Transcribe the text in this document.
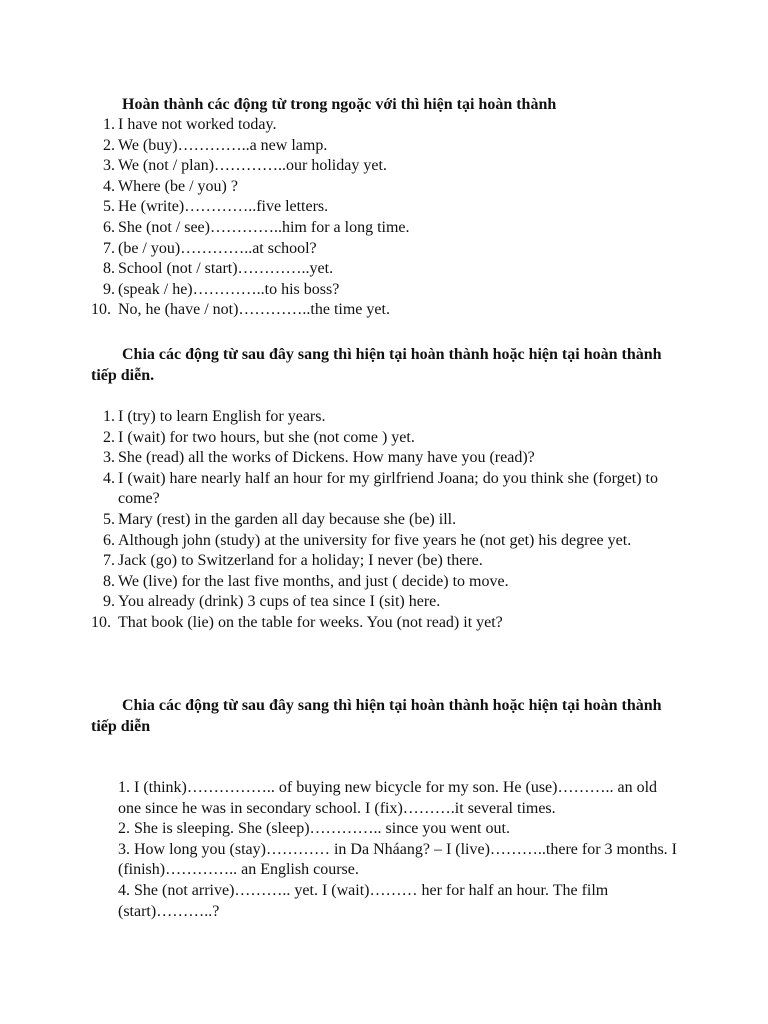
Hoàn thành các động từ trong ngoặc với thì hiện tại hoàn thành
1. I have not worked today.
2. We (buy)…………..a new lamp.
3. We (not / plan)…………..our holiday yet.
4. Where (be / you) ?
5. He (write)…………..five letters.
6. She (not / see)…………..him for a long time.
7. (be / you)…………..at school?
8. School (not / start)…………..yet.
9. (speak / he)…………..to his boss?
10. No, he (have / not)…………..the time yet.
Chia các động từ sau đây sang thì hiện tại hoàn thành hoặc hiện tại hoàn thành tiếp diễn.
1. I (try) to learn English for years.
2. I (wait) for two hours, but she (not come ) yet.
3. She (read) all the works of Dickens. How many have you (read)?
4. I (wait) hare nearly half an hour for my girlfriend Joana; do you think she (forget) to come?
5. Mary (rest) in the garden all day because she (be) ill.
6. Although john (study) at the university for five years he (not get) his degree yet.
7. Jack (go) to Switzerland for a holiday; I never (be) there.
8. We (live) for the last five months, and just ( decide) to move.
9. You already (drink) 3 cups of tea since I (sit) here.
10. That book (lie) on the table for weeks. You (not read) it yet?
Chia các động từ sau đây sang thì hiện tại hoàn thành hoặc hiện tại hoàn thành tiếp diễn

1. I (think)…………….. of buying new bicycle for my son. He (use)……….. an old one since he was in secondary school. I (fix)……….it several times.

2. She is sleeping. She (sleep)………….. since you went out.

3. How long you (stay)………… in Da Nháang? – I (live)………..there for 3 months. I (finish)………….. an English course.

4. She (not arrive)……….. yet. I (wait)……… her for half an hour. The film (start)………..?
